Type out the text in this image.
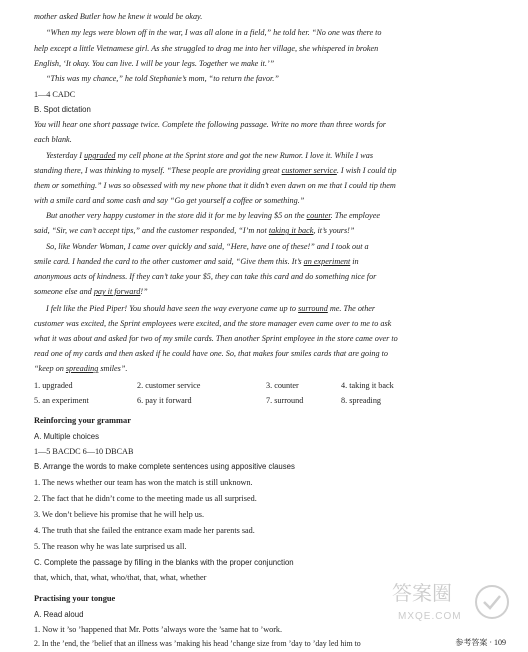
mother asked Butler how he knew it would be okay.
“When my legs were blown off in the war, I was all alone in a field,” he told her. “No one was there to
help except a little Vietnamese girl. As she struggled to drag me into her village, she whispered in broken
English, ‘It okay. You can live. I will be your legs. Together we make it.’”
“This was my chance,” he told Stephanie’s mom, “to return the favor.”
1—4 CADC
B. Spot dictation
You will hear one short passage twice. Complete the following passage. Write no more than three words for
each blank.
Yesterday I upgraded my cell phone at the Sprint store and got the new Rumor. I love it. While I was
standing there, I was thinking to myself. “These people are providing great customer service. I wish I could tip
them or something.” I was so obsessed with my new phone that it didn’t even dawn on me that I could tip them
with a smile card and some cash and say “Go get yourself a coffee or something.”
But another very happy customer in the store did it for me by leaving $5 on the counter. The employee
said, “Sir, we can’t accept tips,” and the customer responded, “I’m not taking it back, it’s yours!”
So, like Wonder Woman, I came over quickly and said, “Here, have one of these!” and I took out a
smile card. I handed the card to the other customer and said, “Give them this. It’s an experiment in
anonymous acts of kindness. If they can’t take your $5, they can take this card and do something nice for
someone else and pay it forward!”
I felt like the Pied Piper! You should have seen the way everyone came up to surround me. The other
customer was excited, the Sprint employees were excited, and the store manager even came over to me to ask
what it was about and asked for two of my smile cards. Then another Sprint employee in the store came over to
read one of my cards and then asked if he could have one. So, that makes four smiles cards that are going to
“keep on spreading smiles”.
1. upgraded	2. customer service	3. counter	4. taking it back
5. an experiment	6. pay it forward	7. surround	8. spreading
Reinforcing your grammar
A. Multiple choices
1—5 BACDC 6—10 DBCAB
B. Arrange the words to make complete sentences using appositive clauses
1. The news whether our team has won the match is still unknown.
2. The fact that he didn’t come to the meeting made us all surprised.
3. We don’t believe his promise that he will help us.
4. The truth that she failed the entrance exam made her parents sad.
5. The reason why he was late surprised us all.
C. Complete the passage by filling in the blanks with the proper conjunction
that, which, that, what, who/that, that, what, whether
Practising your tongue
A. Read aloud
1. Now it ’so ’happened that Mr. Potts ’always wore the ’same hat to ’work.
2. In the ’end, the ’belief that an illness was ’making his head ’change size from ’day to ’day led him to
答案圈
MXQE.COM
参考答案 · 109
